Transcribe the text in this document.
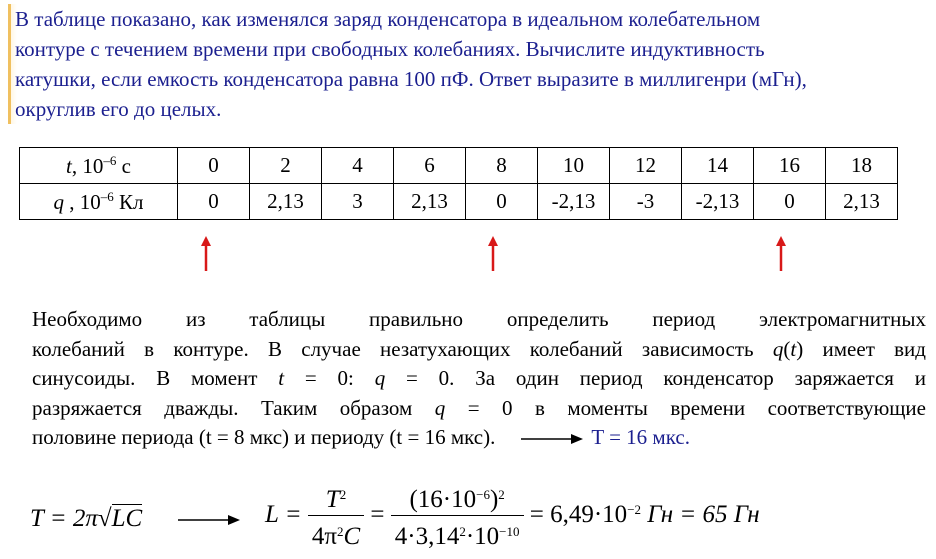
В таблице показано, как изменялся заряд конденсатора в идеальном колебательном
контуре с течением времени при свободных колебаниях. Вычислите индуктивность
катушки, если емкость конденсатора равна 100 пФ. Ответ выразите в миллигенри (мГн),
округлив его до целых.
t, $10^{-6}$ с	0	2	4	6	8	10	12	14	16	18
q , $10^{-6}$ Кл	0	2,13	3	2,13	0	-2,13	-3	-2,13	0	2,13
Необходимо из таблицы правильно определить период электромагнитных
колебаний в контуре. В случае незатухающих колебаний зависимость q(t) имеет вид
синусоиды. В момент t = 0: q = 0. За один период конденсатор заряжается и
разряжается дважды. Таким образом q = 0 в моменты времени соответствующие
половине периода (t = 8 мкс) и периоду (t = 16 мкс).	T = 16 мкс.
T = 2π√LC	$L = \frac{T^2}{4\pi^2C} = \frac{(16\cdot 10^{-6})^2}{4\cdot 3,14^2\cdot 10^{-10}} = 6,49\cdot 10^{-2}$ Гн = 65 Гн
